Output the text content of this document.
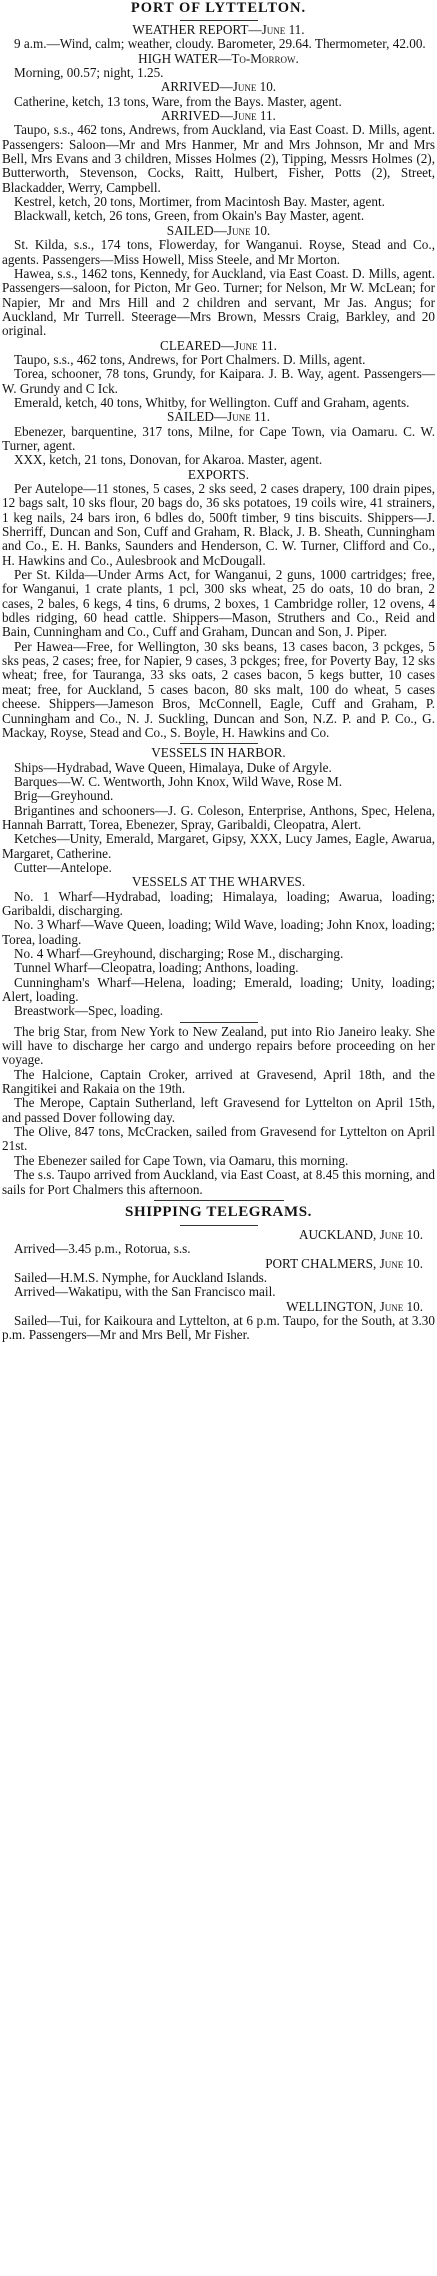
PORT OF LYTTELTON.

WEATHER REPORT—June 11.

9 a.m.—Wind, calm; weather, cloudy. Barometer, 29.64. Thermometer, 42.00.

HIGH WATER—To-Morrow.

Morning, 00.57; night, 1.25.

ARRIVED—June 10.

Catherine, ketch, 13 tons, Ware, from the Bays. Master, agent.

ARRIVED—June 11.

Taupo, s.s., 462 tons, Andrews, from Auckland, via East Coast. D. Mills, agent. Passengers: Saloon—Mr and Mrs Hanmer, Mr and Mrs Johnson, Mr and Mrs Bell, Mrs Evans and 3 children, Misses Holmes (2), Tipping, Messrs Holmes (2), Butterworth, Stevenson, Cocks, Raitt, Hulbert, Fisher, Potts (2), Street, Blackadder, Werry, Campbell.

Kestrel, ketch, 20 tons, Mortimer, from Macintosh Bay. Master, agent.

Blackwall, ketch, 26 tons, Green, from Okain's Bay Master, agent.

SAILED—June 10.

St. Kilda, s.s., 174 tons, Flowerday, for Wanganui. Royse, Stead and Co., agents. Passengers—Miss Howell, Miss Steele, and Mr Morton.

Hawea, s.s., 1462 tons, Kennedy, for Auckland, via East Coast. D. Mills, agent. Passengers—saloon, for Picton, Mr Geo. Turner; for Nelson, Mr W. McLean; for Napier, Mr and Mrs Hill and 2 children and servant, Mr Jas. Angus; for Auckland, Mr Turrell. Steerage—Mrs Brown, Messrs Craig, Barkley, and 20 original.

CLEARED—June 11.

Taupo, s.s., 462 tons, Andrews, for Port Chalmers. D. Mills, agent.

Torea, schooner, 78 tons, Grundy, for Kaipara. J. B. Way, agent. Passengers—W. Grundy and C Ick.

Emerald, ketch, 40 tons, Whitby, for Wellington. Cuff and Graham, agents.

SAILED—June 11.

Ebenezer, barquentine, 317 tons, Milne, for Cape Town, via Oamaru. C. W. Turner, agent.

XXX, ketch, 21 tons, Donovan, for Akaroa. Master, agent.

EXPORTS.

Per Autelope—11 stones, 5 cases, 2 sks seed, 2 cases drapery, 100 drain pipes, 12 bags salt, 10 sks flour, 20 bags do, 36 sks potatoes, 19 coils wire, 41 strainers, 1 keg nails, 24 bars iron, 6 bdles do, 500ft timber, 9 tins biscuits. Shippers—J. Sherriff, Duncan and Son, Cuff and Graham, R. Black, J. B. Sheath, Cunningham and Co., E. H. Banks, Saunders and Henderson, C. W. Turner, Clifford and Co., H. Hawkins and Co., Aulesbrook and McDougall.

Per St. Kilda—Under Arms Act, for Wanganui, 2 guns, 1000 cartridges; free, for Wanganui, 1 crate plants, 1 pcl, 300 sks wheat, 25 do oats, 10 do bran, 2 cases, 2 bales, 6 kegs, 4 tins, 6 drums, 2 boxes, 1 Cambridge roller, 12 ovens, 4 bdles ridging, 60 head cattle. Shippers—Mason, Struthers and Co., Reid and Bain, Cunningham and Co., Cuff and Graham, Duncan and Son, J. Piper.

Per Hawea—Free, for Wellington, 30 sks beans, 13 cases bacon, 3 pckges, 5 sks peas, 2 cases; free, for Napier, 9 cases, 3 pckges; free, for Poverty Bay, 12 sks wheat; free, for Tauranga, 33 sks oats, 2 cases bacon, 5 kegs butter, 10 cases meat; free, for Auckland, 5 cases bacon, 80 sks malt, 100 do wheat, 5 cases cheese. Shippers—Jameson Bros, McConnell, Eagle, Cuff and Graham, P. Cunningham and Co., N. J. Suckling, Duncan and Son, N.Z. P. and P. Co., G. Mackay, Royse, Stead and Co., S. Boyle, H. Hawkins and Co.

VESSELS IN HARBOR.

Ships—Hydrabad, Wave Queen, Himalaya, Duke of Argyle.

Barques—W. C. Wentworth, John Knox, Wild Wave, Rose M.

Brig—Greyhound.

Brigantines and schooners—J. G. Coleson, Enterprise, Anthons, Spec, Helena, Hannah Barratt, Torea, Ebenezer, Spray, Garibaldi, Cleopatra, Alert.

Ketches—Unity, Emerald, Margaret, Gipsy, XXX, Lucy James, Eagle, Awarua, Margaret, Catherine.

Cutter—Antelope.

VESSELS AT THE WHARVES.

No. 1 Wharf—Hydrabad, loading; Himalaya, loading; Awarua, loading; Garibaldi, discharging.

No. 3 Wharf—Wave Queen, loading; Wild Wave, loading; John Knox, loading; Torea, loading.

No. 4 Wharf—Greyhound, discharging; Rose M., discharging.

Tunnel Wharf—Cleopatra, loading; Anthons, loading.

Cunningham's Wharf—Helena, loading; Emerald, loading; Unity, loading; Alert, loading.

Breastwork—Spec, loading.

The brig Star, from New York to New Zealand, put into Rio Janeiro leaky. She will have to discharge her cargo and undergo repairs before proceeding on her voyage.

The Halcione, Captain Croker, arrived at Gravesend, April 18th, and the Rangitikei and Rakaia on the 19th.

The Merope, Captain Sutherland, left Gravesend for Lyttelton on April 15th, and passed Dover following day.

The Olive, 847 tons, McCracken, sailed from Gravesend for Lyttelton on April 21st.

The Ebenezer sailed for Cape Town, via Oamaru, this morning.

The s.s. Taupo arrived from Auckland, via East Coast, at 8.45 this morning, and sails for Port Chalmers this afternoon.

SHIPPING TELEGRAMS.

AUCKLAND, June 10.

Arrived—3.45 p.m., Rotorua, s.s.

PORT CHALMERS, June 10.

Sailed—H.M.S. Nymphe, for Auckland Islands.

Arrived—Wakatipu, with the San Francisco mail.

WELLINGTON, June 10.

Sailed—Tui, for Kaikoura and Lyttelton, at 6 p.m. Taupo, for the South, at 3.30 p.m. Passengers—Mr and Mrs Bell, Mr Fisher.
